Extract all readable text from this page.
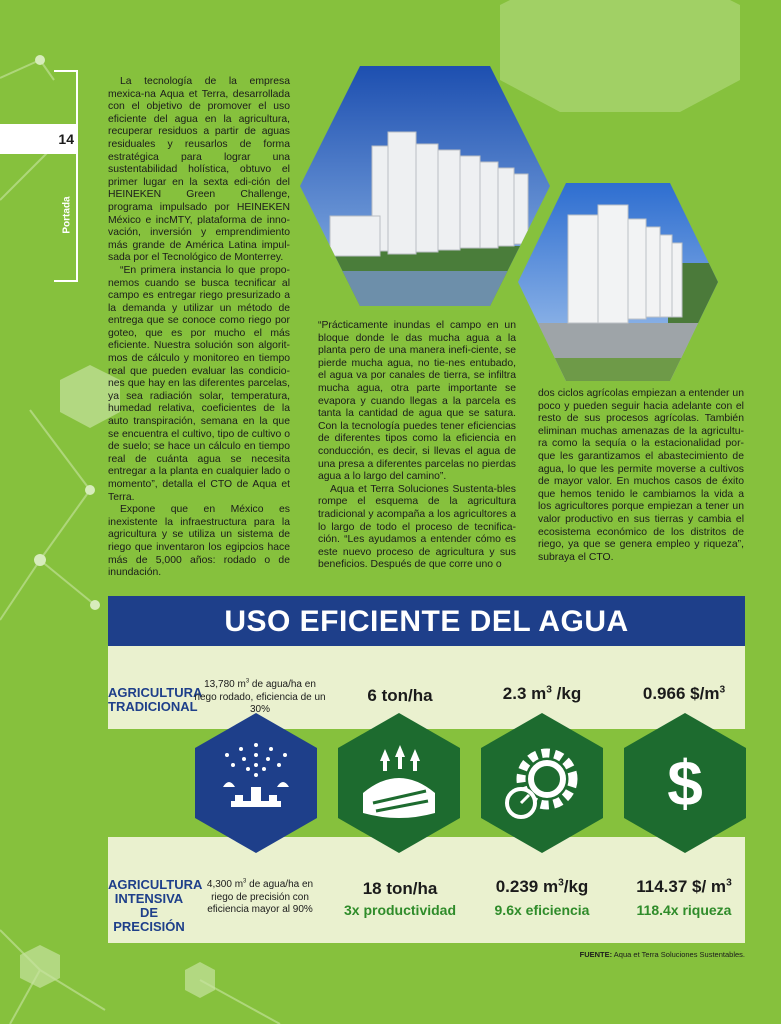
14
Portada

La tecnología de la empresa mexica-na Aqua et Terra, desarrollada con el objetivo de promover el uso eficiente del agua en la agricultura, recuperar residuos a partir de aguas residuales y reusarlos de forma estratégica para lograr una sustentabilidad holística, obtuvo el primer lugar en la sexta edi-ción del HEINEKEN Green Challenge, programa impulsado por HEINEKEN México e incMTY, plataforma de inno-vación, inversión y emprendimiento más grande de América Latina impul-sada por el Tecnológico de Monterrey.

“En primera instancia lo que propo-nemos cuando se busca tecnificar al campo es entregar riego presurizado a la demanda y utilizar un método de entrega que se conoce como riego por goteo, que es por mucho el más eficiente. Nuestra solución son algorit-mos de cálculo y monitoreo en tiempo real que pueden evaluar las condicio-nes que hay en las diferentes parcelas, ya sea radiación solar, temperatura, humedad relativa, coeficientes de la auto transpiración, semana en la que se encuentra el cultivo, tipo de cultivo o de suelo; se hace un cálculo en tiempo real de cuánta agua se necesita entregar a la planta en cualquier lado o momento”, detalla el CTO de Aqua et Terra.

Expone que en México es inexistente la infraestructura para la agricultura y se utiliza un sistema de riego que inventaron los egipcios hace más de 5,000 años: rodado o de inundación.

“Prácticamente inundas el campo en un bloque donde le das mucha agua a la planta pero de una manera inefi-ciente, se pierde mucha agua, no tie-nes entubado, el agua va por canales de tierra, se infiltra mucha agua, otra parte importante se evapora y cuando llegas a la parcela es tanta la cantidad de agua que se satura. Con la tecnología puedes tener eficiencias de diferentes tipos como la eficiencia en conducción, es decir, si llevas el agua de una presa a diferentes parcelas no pierdas agua a lo largo del camino”.

Aqua et Terra Soluciones Sustenta-bles rompe el esquema de la agricultura tradicional y acompaña a los agricultores a lo largo de todo el proceso de tecnifica-ción. “Les ayudamos a entender cómo es este nuevo proceso de agricultura y sus beneficios. Después de que corre uno o

dos ciclos agrícolas empiezan a entender un poco y pueden seguir hacia adelante con el resto de sus procesos agrícolas. También eliminan muchas amenazas de la agricultu-ra como la sequía o la estacionalidad por-que les garantizamos el abastecimiento de agua, lo que les permite moverse a cultivos de mayor valor. En muchos casos de éxito que hemos tenido le cambiamos la vida a los agricultores porque empiezan a tener un valor productivo en sus tierras y cambia el ecosistema económico de los distritos de riego, ya que se genera empleo y riqueza”, subraya el CTO.

USO EFICIENTE DEL AGUA
AGRICULTURA
TRADICIONAL
13,780 $m^3$ de agua/ha en riego rodado, eficiencia de un 30%
6 ton/ha	2.3 $m^3$ /kg	0.966 $\$/m^3$
$
AGRICULTURA
INTENSIVA DE
PRECISIÓN
4,300 $m^3$ de agua/ha en riego de precisión con eficiencia mayor al 90%
18 ton/ha
3x productividad
0.239 $m^3/kg$
9.6x eficiencia
114.37 $/ $m^3$
118.4x riqueza
FUENTE: Aqua et Terra Soluciones Sustentables.
